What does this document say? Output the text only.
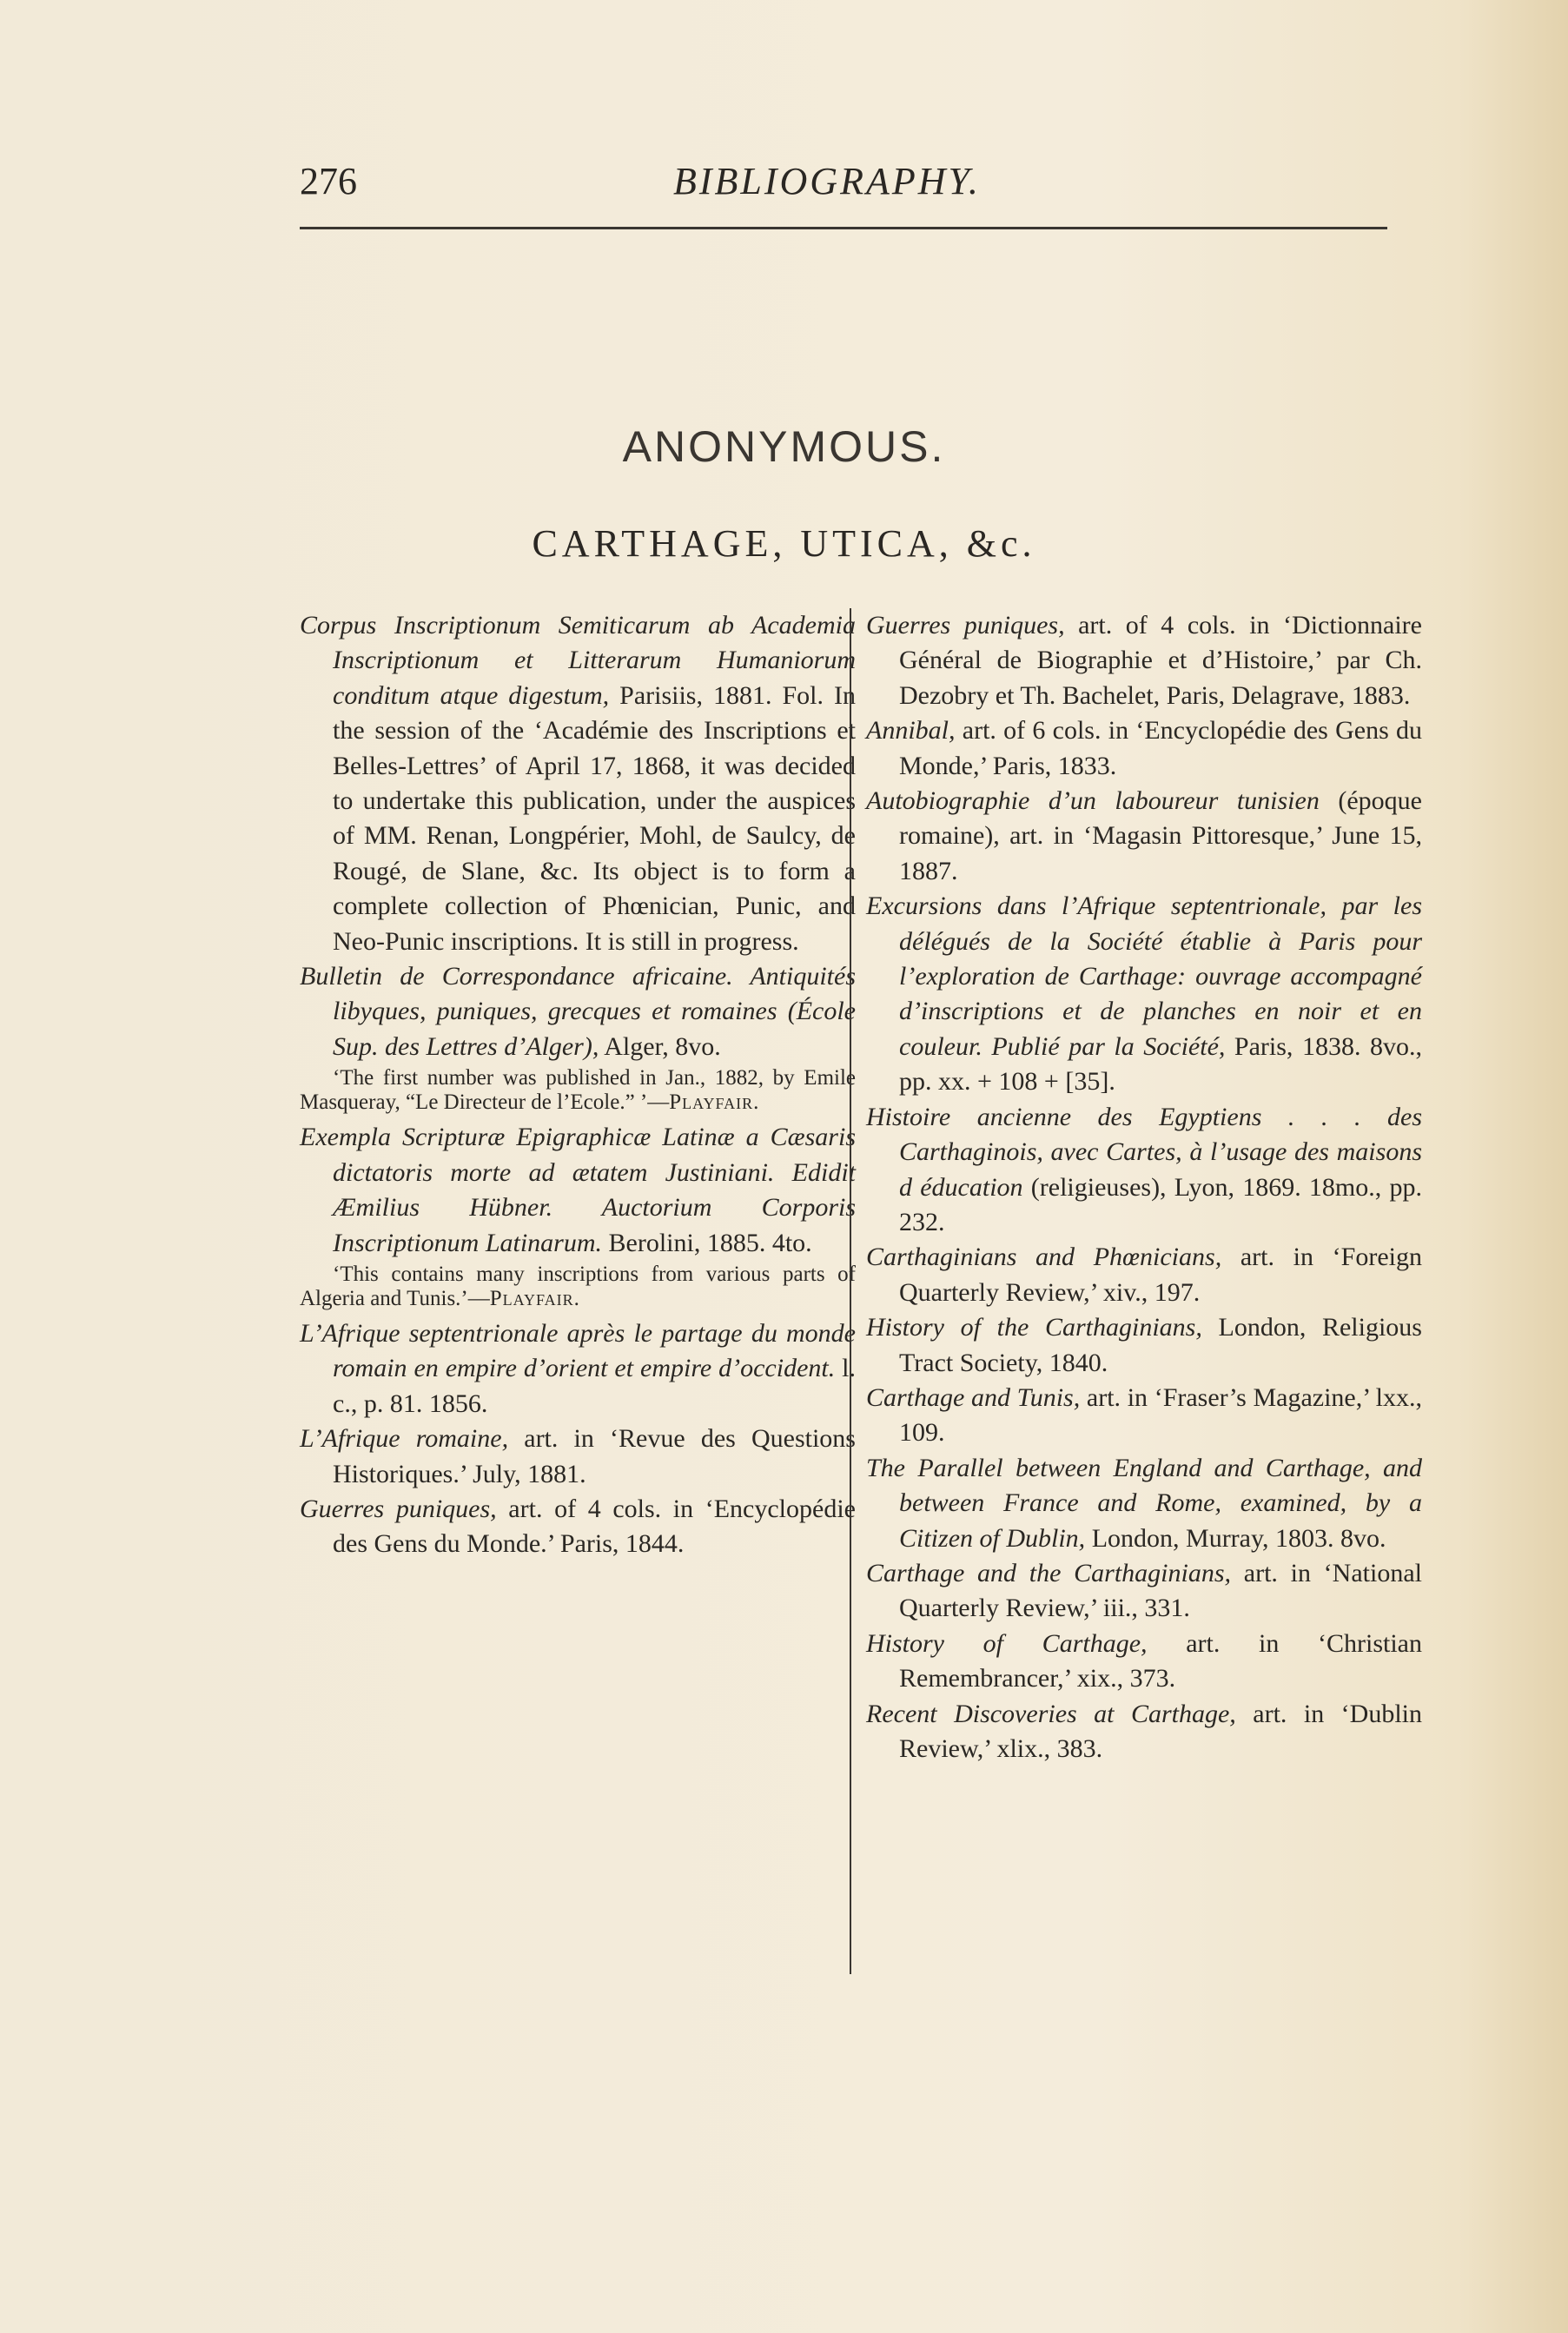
276	BIBLIOGRAPHY.
ANONYMOUS.
CARTHAGE, UTICA, &c.

Corpus Inscriptionum Semiticarum ab Academia Inscriptionum et Litterarum Humaniorum conditum atque digestum, Parisiis, 1881. Fol. In the session of the ‘Académie des Inscriptions et Belles-Lettres’ of April 17, 1868, it was decided to undertake this publication, under the auspices of MM. Renan, Longpérier, Mohl, de Saulcy, de Rougé, de Slane, &c. Its object is to form a complete collection of Phœnician, Punic, and Neo-Punic inscriptions. It is still in progress.

Bulletin de Correspondance africaine. Antiquités libyques, puniques, grecques et romaines (École Sup. des Lettres d’Alger), Alger, 8vo.

‘The first number was published in Jan., 1882, by Emile Masqueray, “Le Directeur de l’Ecole.” ’—Playfair.

Exempla Scripturæ Epigraphicæ Latinæ a Cæsaris dictatoris morte ad ætatem Justiniani. Edidit Æmilius Hübner. Auctorium Corporis Inscriptionum Latinarum. Berolini, 1885. 4to.

‘This contains many inscriptions from various parts of Algeria and Tunis.’—Playfair.

L’Afrique septentrionale après le partage du monde romain en empire d’orient et empire d’occident. l. c., p. 81. 1856.

L’Afrique romaine, art. in ‘Revue des Questions Historiques.’ July, 1881.

Guerres puniques, art. of 4 cols. in ‘Encyclopédie des Gens du Monde.’ Paris, 1844.

Guerres puniques, art. of 4 cols. in ‘Dictionnaire Général de Biographie et d’Histoire,’ par Ch. Dezobry et Th. Bachelet, Paris, Delagrave, 1883.

Annibal, art. of 6 cols. in ‘Encyclopédie des Gens du Monde,’ Paris, 1833.

Autobiographie d’un laboureur tunisien (époque romaine), art. in ‘Magasin Pittoresque,’ June 15, 1887.

Excursions dans l’Afrique septentrionale, par les délégués de la Société établie à Paris pour l’exploration de Carthage: ouvrage accompagné d’inscriptions et de planches en noir et en couleur. Publié par la Société, Paris, 1838. 8vo., pp. xx. + 108 + [35].

Histoire ancienne des Egyptiens . . . des Carthaginois, avec Cartes, à l’usage des maisons d éducation (religieuses), Lyon, 1869. 18mo., pp. 232.

Carthaginians and Phœnicians, art. in ‘Foreign Quarterly Review,’ xiv., 197.

History of the Carthaginians, London, Religious Tract Society, 1840.

Carthage and Tunis, art. in ‘Fraser’s Magazine,’ lxx., 109.

The Parallel between England and Carthage, and between France and Rome, examined, by a Citizen of Dublin, London, Murray, 1803. 8vo.

Carthage and the Carthaginians, art. in ‘National Quarterly Review,’ iii., 331.

History of Carthage, art. in ‘Christian Remembrancer,’ xix., 373.

Recent Discoveries at Carthage, art. in ‘Dublin Review,’ xlix., 383.
